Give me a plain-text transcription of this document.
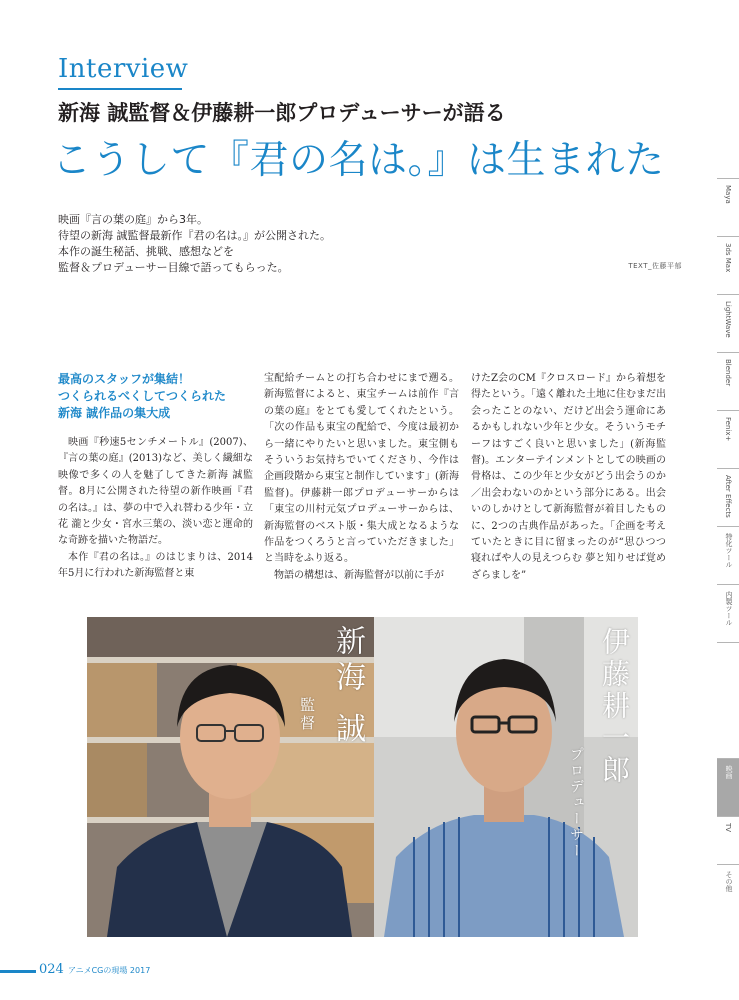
Interview
新海 誠監督＆伊藤耕一郎プロデューサーが語る
こうして『君の名は。』は生まれた
映画『言の葉の庭』から3年。
待望の新海 誠監督最新作『君の名は。』が公開された。
本作の誕生秘話、挑戦、感想などを
監督＆プロデューサー目線で語ってもらった。	TEXT_佐藤平郁
Maya
3ds Max
LightWave
Blender
Fenix+
After Effects
特化ツール
内製ツール
映画
TV
その他
最高のスタッフが集結！
つくられるべくしてつくられた
新海 誠作品の集大成

映画『秒速5センチメートル』(2007)、『言の葉の庭』(2013)など、美しく繊細な映像で多くの人を魅了してきた新海 誠監督。8月に公開された待望の新作映画『君の名は。』は、夢の中で入れ替わる少年・立花 瀧と少女・宮水三葉の、淡い恋と運命的な奇跡を描いた物語だ。

本作『君の名は。』のはじまりは、2014年5月に行われた新海監督と東

宝配給チームとの打ち合わせにまで遡る。新海監督によると、東宝チームは前作『言の葉の庭』をとても愛してくれたという。「次の作品も東宝の配給で、今度は最初から一緒にやりたいと思いました。東宝側もそういうお気持ちでいてくださり、今作は企画段階から東宝と制作しています」(新海監督)。伊藤耕一郎プロデューサーからは「東宝の川村元気プロデューサーからは、新海監督のベスト版・集大成となるような作品をつくろうと言っていただきました」と当時をふり返る。

物語の構想は、新海監督が以前に手が

けたZ会のCM『クロスロード』から着想を得たという。「遠く離れた土地に住むまだ出会ったことのない、だけど出会う運命にあるかもしれない少年と少女。そういうモチーフはすごく良いと思いました」(新海監督)。エンターテインメントとしての映画の骨格は、この少年と少女がどう出会うのか／出会わないのかという部分にある。出会いのしかけとして新海監督が着目したものに、2つの古典作品があった。「企画を考えていたときに目に留まったのが“思ひつつ寝ればや人の見えつらむ 夢と知りせば覚めざらましを”

新海 誠
監督	伊藤耕一郎
プロデューサー
024 アニメCGの現場 2017
